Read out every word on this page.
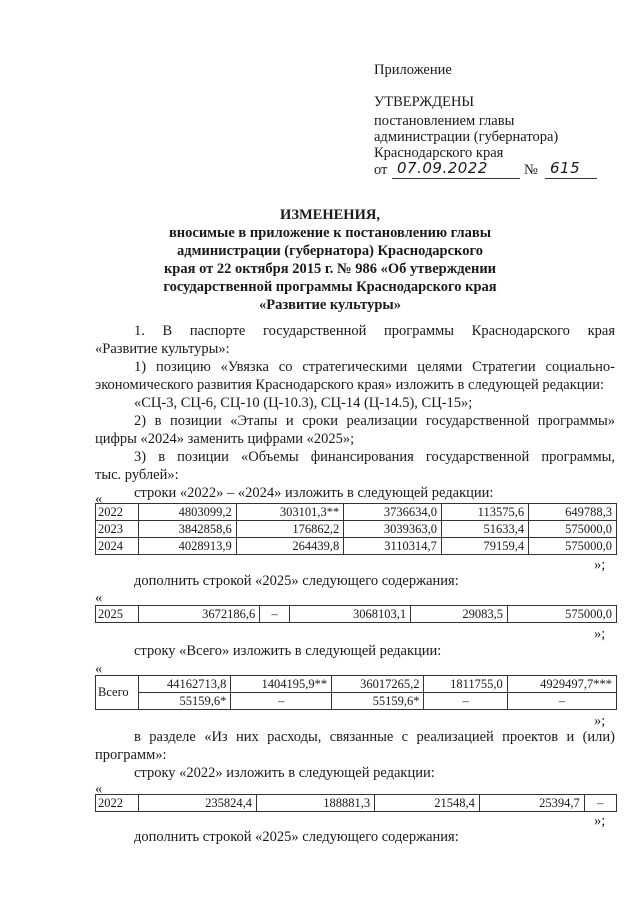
Приложение
УТВЕРЖДЕНЫ
постановлением главы
администрации (губернатора)
Краснодарского края
от 07.09.2022 № 615
ИЗМЕНЕНИЯ,
вносимые в приложение к постановлению главы
администрации (губернатора) Краснодарского
края от 22 октября 2015 г. № 986 «Об утверждении
государственной программы Краснодарского края
«Развитие культуры»
1. В паспорте государственной программы Краснодарского края
«Развитие культуры»:
1) позицию «Увязка со стратегическими целями Стратегии социально-
экономического развития Краснодарского края» изложить в следующей редакции:
«СЦ-3, СЦ-6, СЦ-10 (Ц-10.3), СЦ-14 (Ц-14.5), СЦ-15»;
2) в позиции «Этапы и сроки реализации государственной программы»
цифры «2024» заменить цифрами «2025»;
3) в позиции «Объемы финансирования государственной программы,
тыс. рублей»:
строки «2022» – «2024» изложить в следующей редакции:
«
2022	4803099,2	303101,3**	3736634,0	113575,6	649788,3
2023	3842858,6	176862,2	3039363,0	51633,4	575000,0
2024	4028913,9	264439,8	3110314,7	79159,4	575000,0
»;
дополнить строкой «2025» следующего содержания:
«
2025	3672186,6	–	3068103,1	29083,5	575000,0
»;
строку «Всего» изложить в следующей редакции:
«
Всего	44162713,8	1404195,9**	36017265,2	1811755,0	4929497,7***
	55159,6*	–	55159,6*	–	–
»;
в разделе «Из них расходы, связанные с реализацией проектов и (или)
программ»:
строку «2022» изложить в следующей редакции:
«
2022	235824,4	188881,3	21548,4	25394,7	–
»;
дополнить строкой «2025» следующего содержания:
